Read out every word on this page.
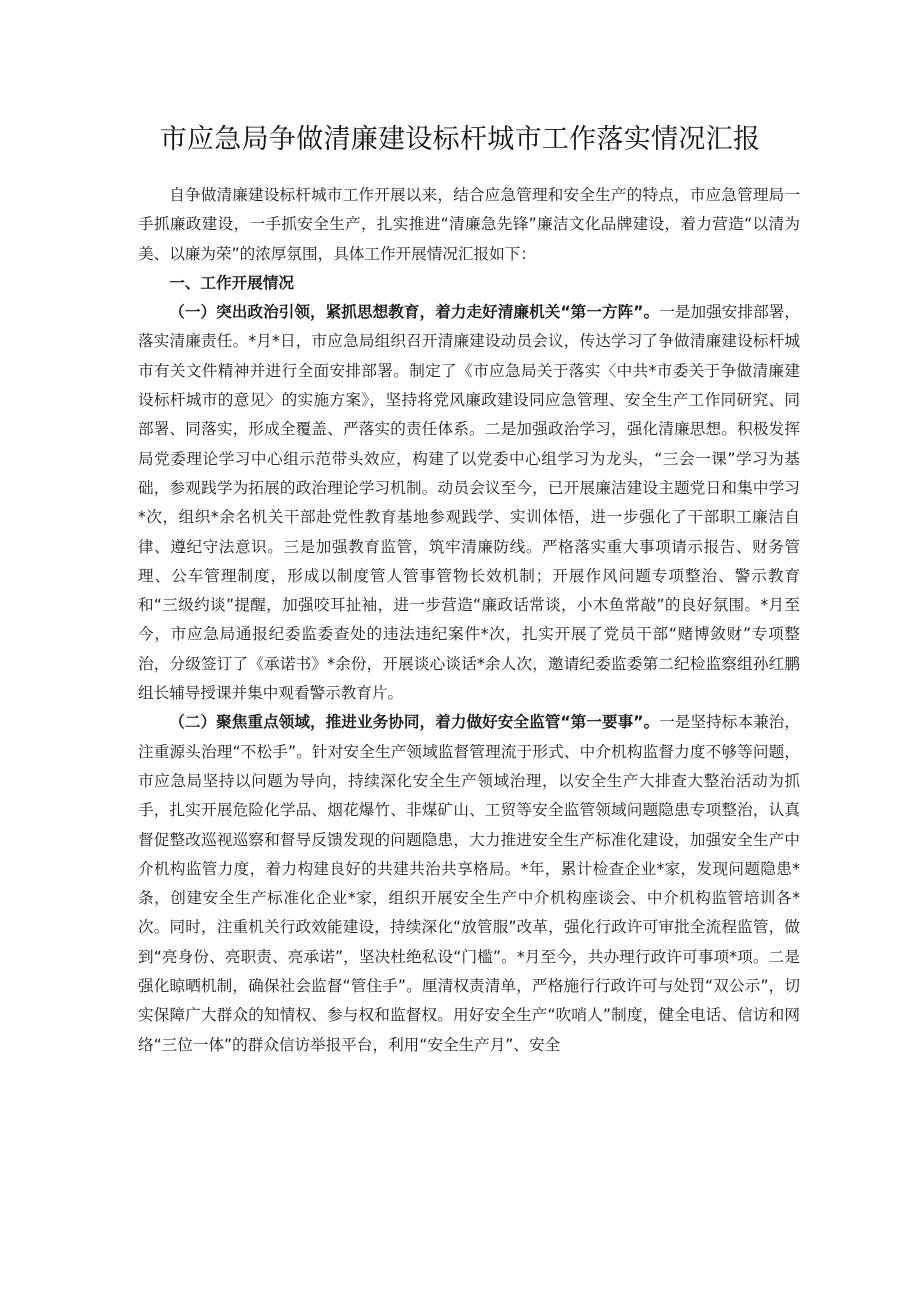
市应急局争做清廉建设标杆城市工作落实情况汇报

自争做清廉建设标杆城市工作开展以来，结合应急管理和安全生产的特点，市应急管理局一手抓廉政建设，一手抓安全生产，扎实推进“清廉急先锋”廉洁文化品牌建设，着力营造“以清为美、以廉为荣”的浓厚氛围，具体工作开展情况汇报如下：

一、工作开展情况

（一）突出政治引领，紧抓思想教育，着力走好清廉机关“第一方阵”。一是加强安排部署，落实清廉责任。*月*日，市应急局组织召开清廉建设动员会议，传达学习了争做清廉建设标杆城市有关文件精神并进行全面安排部署。制定了《市应急局关于落实〈中共*市委关于争做清廉建设标杆城市的意见〉的实施方案》，坚持将党风廉政建设同应急管理、安全生产工作同研究、同部署、同落实，形成全覆盖、严落实的责任体系。二是加强政治学习，强化清廉思想。积极发挥局党委理论学习中心组示范带头效应，构建了以党委中心组学习为龙头，“三会一课”学习为基础，参观践学为拓展的政治理论学习机制。动员会议至今，已开展廉洁建设主题党日和集中学习*次，组织*余名机关干部赴党性教育基地参观践学、实训体悟，进一步强化了干部职工廉洁自律、遵纪守法意识。三是加强教育监管，筑牢清廉防线。严格落实重大事项请示报告、财务管理、公车管理制度，形成以制度管人管事管物长效机制；开展作风问题专项整治、警示教育和“三级约谈”提醒，加强咬耳扯袖，进一步营造“廉政话常谈，小木鱼常敲”的良好氛围。*月至今，市应急局通报纪委监委查处的违法违纪案件*次，扎实开展了党员干部“赌博敛财”专项整治，分级签订了《承诺书》*余份，开展谈心谈话*余人次，邀请纪委监委第二纪检监察组孙红鹏组长辅导授课并集中观看警示教育片。

（二）聚焦重点领域，推进业务协同，着力做好安全监管“第一要事”。一是坚持标本兼治，注重源头治理“不松手”。针对安全生产领域监督管理流于形式、中介机构监督力度不够等问题，市应急局坚持以问题为导向，持续深化安全生产领域治理，以安全生产大排查大整治活动为抓手，扎实开展危险化学品、烟花爆竹、非煤矿山、工贸等安全监管领域问题隐患专项整治，认真督促整改巡视巡察和督导反馈发现的问题隐患，大力推进安全生产标准化建设，加强安全生产中介机构监管力度，着力构建良好的共建共治共享格局。*年，累计检查企业*家，发现问题隐患*条，创建安全生产标准化企业*家，组织开展安全生产中介机构座谈会、中介机构监管培训各*次。同时，注重机关行政效能建设，持续深化“放管服”改革，强化行政许可审批全流程监管，做到“亮身份、亮职责、亮承诺”，坚决杜绝私设“门槛”。*月至今，共办理行政许可事项*项。二是强化晾晒机制，确保社会监督“管住手”。厘清权责清单，严格施行行政许可与处罚“双公示”，切实保障广大群众的知情权、参与权和监督权。用好安全生产“吹哨人”制度，健全电话、信访和网络“三位一体”的群众信访举报平台，利用“安全生产月”、安全
